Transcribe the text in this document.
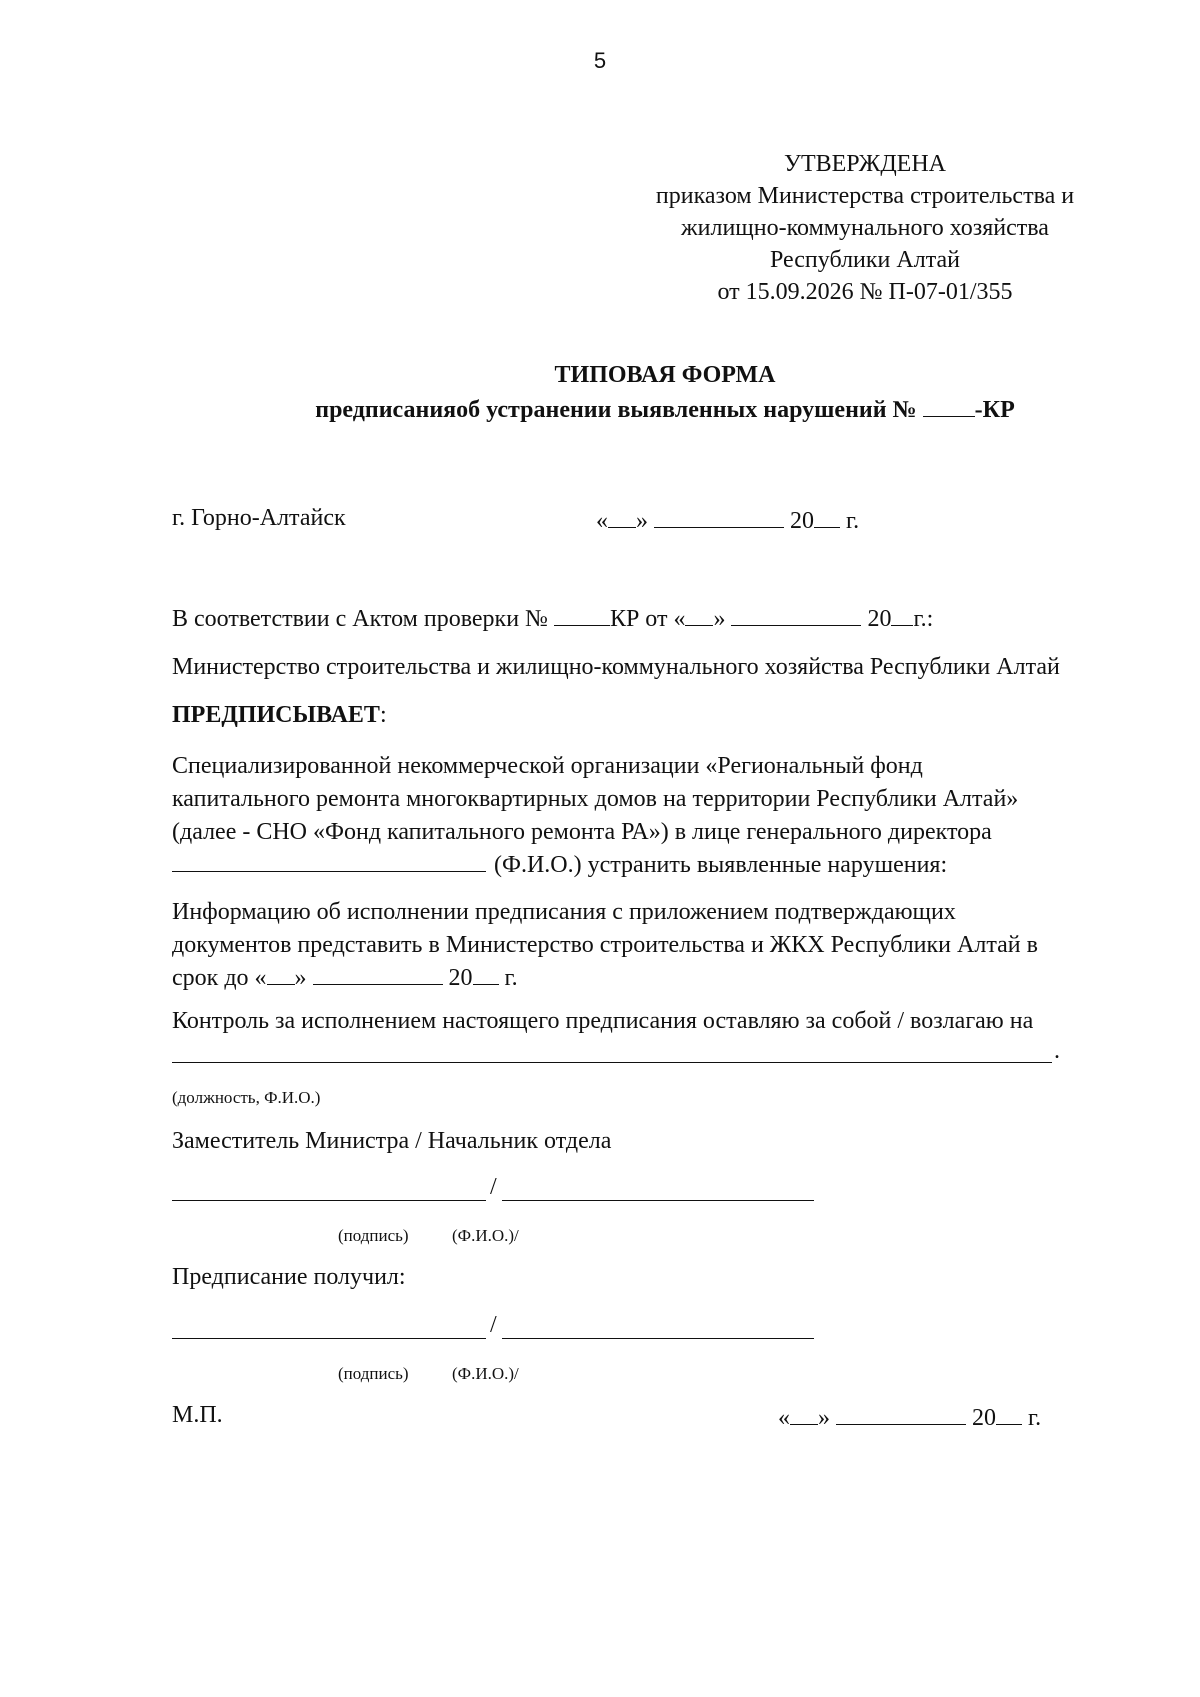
5
УТВЕРЖДЕНА
приказом Министерства строительства и
жилищно-коммунального хозяйства
Республики Алтай
от 15.09.2026 № П-07-01/355
ТИПОВАЯ ФОРМА
предписанияоб устранении выявленных нарушений № -КР
г. Горно-Алтайск	« »	20 г.
В соответствии с Актом проверки №	КР от « »	20 г.:
Министерство строительства и жилищно-коммунального хозяйства Республики Алтай
ПРЕДПИСЫВАЕТ:
Специализированной некоммерческой организации «Региональный фонд
капитального ремонта многоквартирных домов на территории Республики Алтай»
(далее - СНО «Фонд капитального ремонта РА») в лице генерального директора
(Ф.И.О.) устранить выявленные нарушения:
Информацию об исполнении предписания с приложением подтверждающих
документов представить в Министерство строительства и ЖКХ Республики Алтай в
срок до « »	20 г.
Контроль за исполнением настоящего предписания оставляю за собой / возлагаю на
.
(должность, Ф.И.О.)
Заместитель Министра / Начальник отдела
/
(подпись)	(Ф.И.О.)/
Предписание получил:
/
(подпись)	(Ф.И.О.)/
М.П.	« »	20 г.
